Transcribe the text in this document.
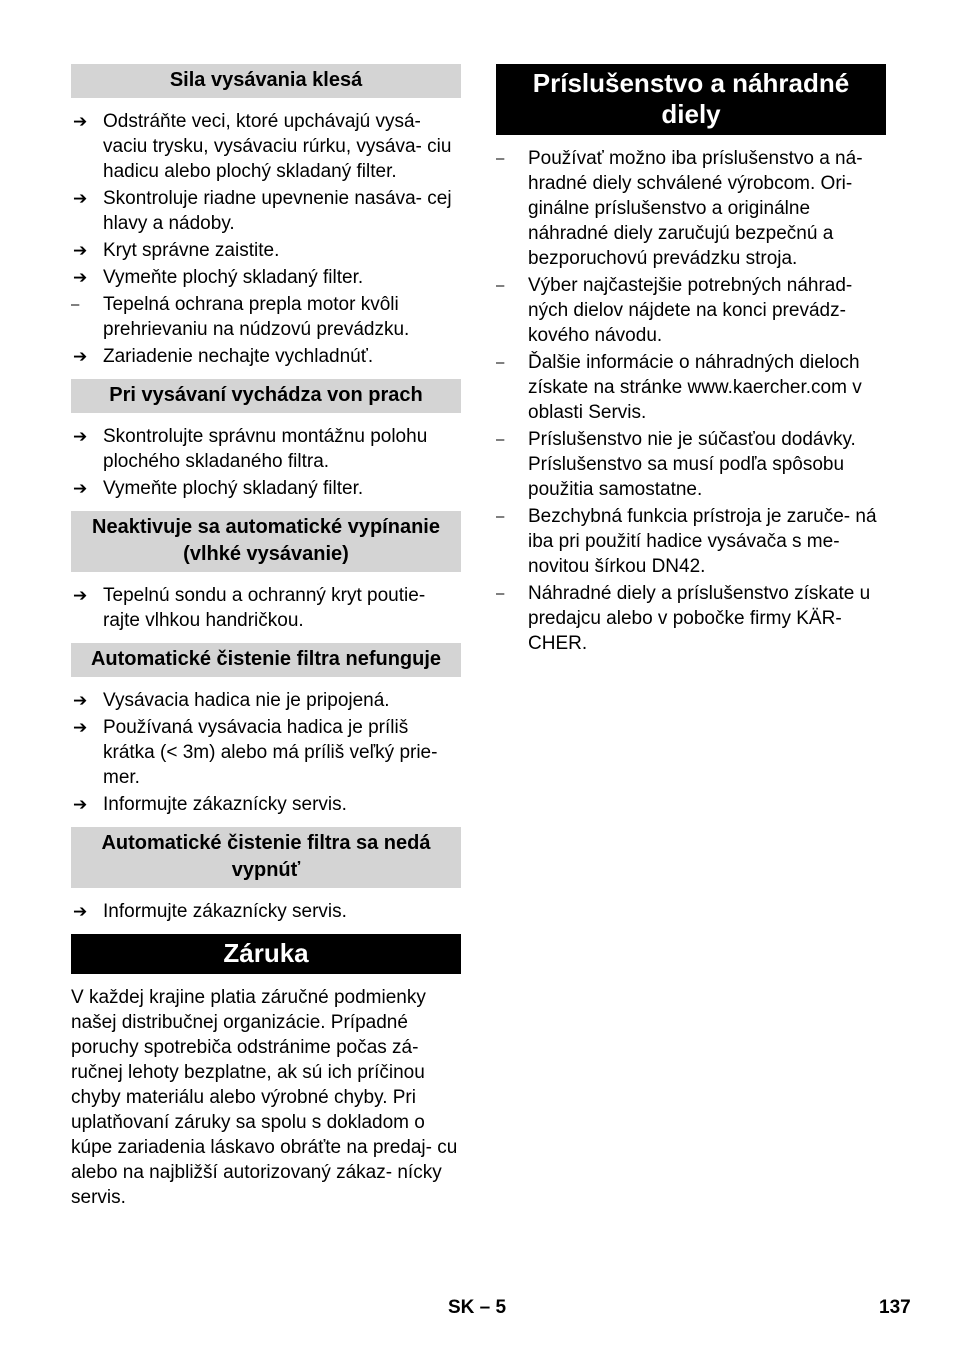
Sila vysávania klesá
➔ Odstráňte veci, ktoré upchávajú vysá- vaciu trysku, vysávaciu rúrku, vysáva- ciu hadicu alebo plochý skladaný filter.
➔ Skontroluje riadne upevnenie nasáva- cej hlavy a nádoby.
➔ Kryt správne zaistite.
➔ Vymeňte plochý skladaný filter.
–	Tepelná ochrana prepla motor kvôli prehrievaniu na núdzovú prevádzku.
➔ Zariadenie nechajte vychladnúť.
Pri vysávaní vychádza von prach
➔ Skontrolujte správnu montážnu polohu plochého skladaného filtra.
➔ Vymeňte plochý skladaný filter.
Neaktivuje sa automatické vypínanie (vlhké vysávanie)
➔ Tepelnú sondu a ochranný kryt poutie- rajte vlhkou handričkou.
Automatické čistenie filtra nefunguje
➔ Vysávacia hadica nie je pripojená.
➔ Používaná vysávacia hadica je príliš krátka (< 3m) alebo má príliš veľký prie- mer.
➔ Informujte zákaznícky servis.
Automatické čistenie filtra sa nedá vypnúť
➔ Informujte zákaznícky servis.
Záruka
V každej krajine platia záručné podmienky našej distribučnej organizácie. Prípadné poruchy spotrebiča odstránime počas zá- ručnej lehoty bezplatne, ak sú ich príčinou chyby materiálu alebo výrobné chyby. Pri uplatňovaní záruky sa spolu s dokladom o kúpe zariadenia láskavo obráťte na predaj- cu alebo na najbližší autorizovaný zákaz- nícky servis.
Príslušenstvo a náhradné diely
–	Používať možno iba príslušenstvo a ná- hradné diely schválené výrobcom. Ori- ginálne príslušenstvo a originálne náhradné diely zaručujú bezpečnú a bezporuchovú prevádzku stroja.
–	Výber najčastejšie potrebných náhrad- ných dielov nájdete na konci prevádz- kového návodu.
–	Ďalšie informácie o náhradných dieloch získate na stránke www.kaercher.com v oblasti Servis.
–	Príslušenstvo nie je súčasťou dodávky. Príslušenstvo sa musí podľa spôsobu použitia samostatne.
–	Bezchybná funkcia prístroja je zaruče- ná iba pri použití hadice vysávača s me- novitou šírkou DN42.
–	Náhradné diely a príslušenstvo získate u predajcu alebo v pobočke firmy KÄR- CHER.
SK – 5	137
